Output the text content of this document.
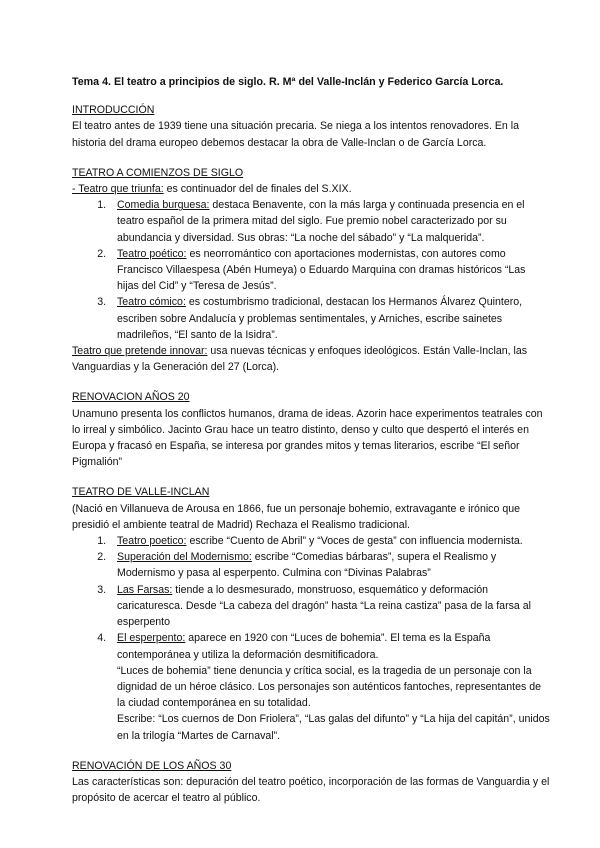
Tema 4. El teatro a principios de siglo. R. Mª del Valle-Inclán y Federico García Lorca.

INTRODUCCIÓN

El teatro antes de 1939 tiene una situación precaria. Se niega a los intentos renovadores. En la historia del drama europeo debemos destacar la obra de Valle-Inclan o de García Lorca.

TEATRO A COMIENZOS DE SIGLO

- Teatro que triunfa: es continuador del de finales del S.XIX.

1. Comedia burguesa: destaca Benavente, con la más larga y continuada presencia en el teatro español de la primera mitad del siglo. Fue premio nobel caracterizado por su abundancia y diversidad. Sus obras: “La noche del sábado” y “La malquerida”.
2. Teatro poético: es neorromántico con aportaciones modernistas, con autores como Francisco Villaespesa (Abén Humeya) o Eduardo Marquina con dramas históricos “Las hijas del Cid” y “Teresa de Jesús”.
3. Teatro cómico: es costumbrismo tradicional, destacan los Hermanos Álvarez Quintero, escriben sobre Andalucía y problemas sentimentales, y Arniches, escribe sainetes madrileños, “El santo de la Isidra”.

Teatro que pretende innovar: usa nuevas técnicas y enfoques ideológicos. Están Valle-Inclan, las Vanguardias y la Generación del 27 (Lorca).

RENOVACION AÑOS 20

Unamuno presenta los conflictos humanos, drama de ideas. Azorin hace experimentos teatrales con lo irreal y simbólico. Jacinto Grau hace un teatro distinto, denso y culto que despertó el interés en Europa y fracasó en España, se interesa por grandes mitos y temas literarios, escribe “El señor Pigmalión”

TEATRO DE VALLE-INCLAN

(Nació en Villanueva de Arousa en 1866, fue un personaje bohemio, extravagante e irónico que presidió el ambiente teatral de Madrid) Rechaza el Realismo tradicional.

1. Teatro poetico: escribe “Cuento de Abril” y “Voces de gesta” con influencia modernista.
2. Superación del Modernismo: escribe “Comedias bárbaras”, supera el Realismo y Modernismo y pasa al esperpento. Culmina con “Divinas Palabras”
3. Las Farsas: tiende a lo desmesurado, monstruoso, esquemático y deformación caricaturesca. Desde “La cabeza del dragón” hasta “La reina castiza” pasa de la farsa al esperpento
4. El esperpento: aparece en 1920 con “Luces de bohemia”. El tema es la España contemporánea y utiliza la deformación desmitificadora.
“Luces de bohemia” tiene denuncia y crítica social, es la tragedia de un personaje con la dignidad de un héroe clásico. Los personajes son auténticos fantoches, representantes de la ciudad contemporánea en su totalidad.
Escribe: “Los cuernos de Don Friolera”, “Las galas del difunto” y “La hija del capitán”, unidos en la trilogía “Martes de Carnaval”.

RENOVACIÓN DE LOS AÑOS 30

Las características son: depuración del teatro poético, incorporación de las formas de Vanguardia y el propósito de acercar el teatro al público.
